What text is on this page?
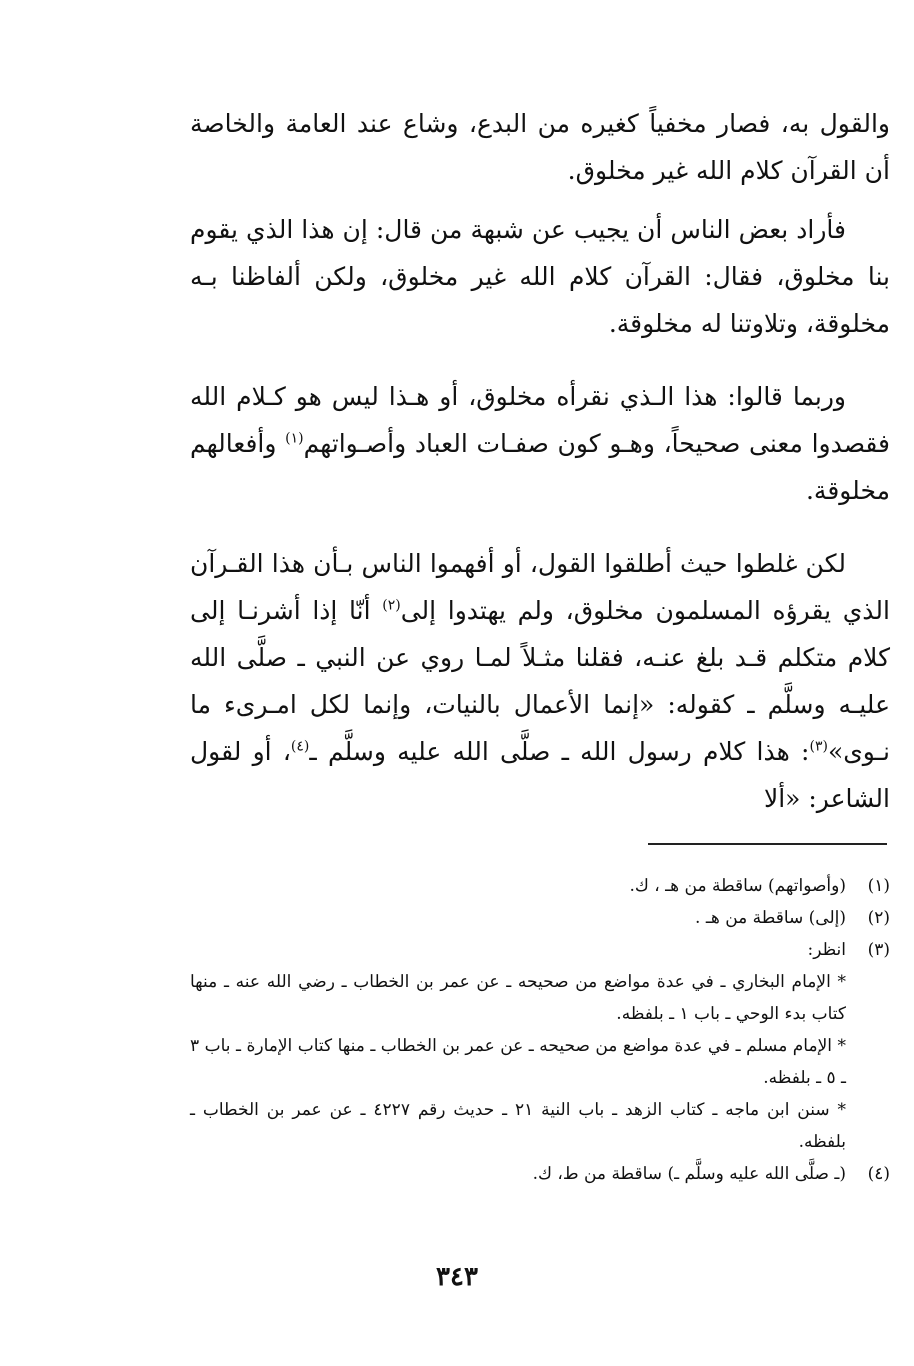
والقول به، فصار مخفياً كغيره من البدع، وشاع عند العامة والخاصة أن القرآن كلام الله غير مخلوق.

فأراد بعض الناس أن يجيب عن شبهة من قال: إن هذا الذي يقوم بنا مخلوق، فقال: القرآن كلام الله غير مخلوق، ولكن ألفاظنا بـه مخلوقة، وتلاوتنا له مخلوقة.

وربما قالوا: هذا الـذي نقرأه مخلوق، أو هـذا ليس هو كـلام الله فقصدوا معنى صحيحاً، وهـو كون صفـات العباد وأصـواتهم$^{(١)}$ وأفعالهم مخلوقة.

لكن غلطوا حيث أطلقوا القول، أو أفهموا الناس بـأن هذا القـرآن الذي يقرؤه المسلمون مخلوق، ولم يهتدوا إلى$^{(٢)}$ أنّا إذا أشرنـا إلى كلام متكلم قـد بلغ عنـه، فقلنا مثـلاً لمـا روي عن النبي ـ صلَّى الله عليـه وسلَّم ـ كقوله: «إنما الأعمال بالنيات، وإنما لكل امـرىء ما نـوى»$^{(٣)}$: هذا كلام رسول الله ـ صلَّى الله عليه وسلَّم ـ$^{(٤)}$، أو لقول الشاعر: «ألا

(١)
(وأصواتهم) ساقطة من هـ ، ك.
(٢)
(إلى) ساقطة من هـ .
(٣)
انظر:
* الإمام البخاري ـ في عدة مواضع من صحيحه ـ عن عمر بن الخطاب ـ رضي الله عنه ـ منها كتاب بدء الوحي ـ باب ١ ـ بلفظه.
* الإمام مسلم ـ في عدة مواضع من صحيحه ـ عن عمر بن الخطاب ـ منها كتاب الإمارة ـ باب ٣ ـ ٥ ـ بلفظه.
* سنن ابن ماجه ـ كتاب الزهد ـ باب النية ٢١ ـ حديث رقم ٤٢٢٧ ـ عن عمر بن الخطاب ـ بلفظه.
(٤)
(ـ صلَّى الله عليه وسلَّم ـ) ساقطة من ط، ك.
٣٤٣
